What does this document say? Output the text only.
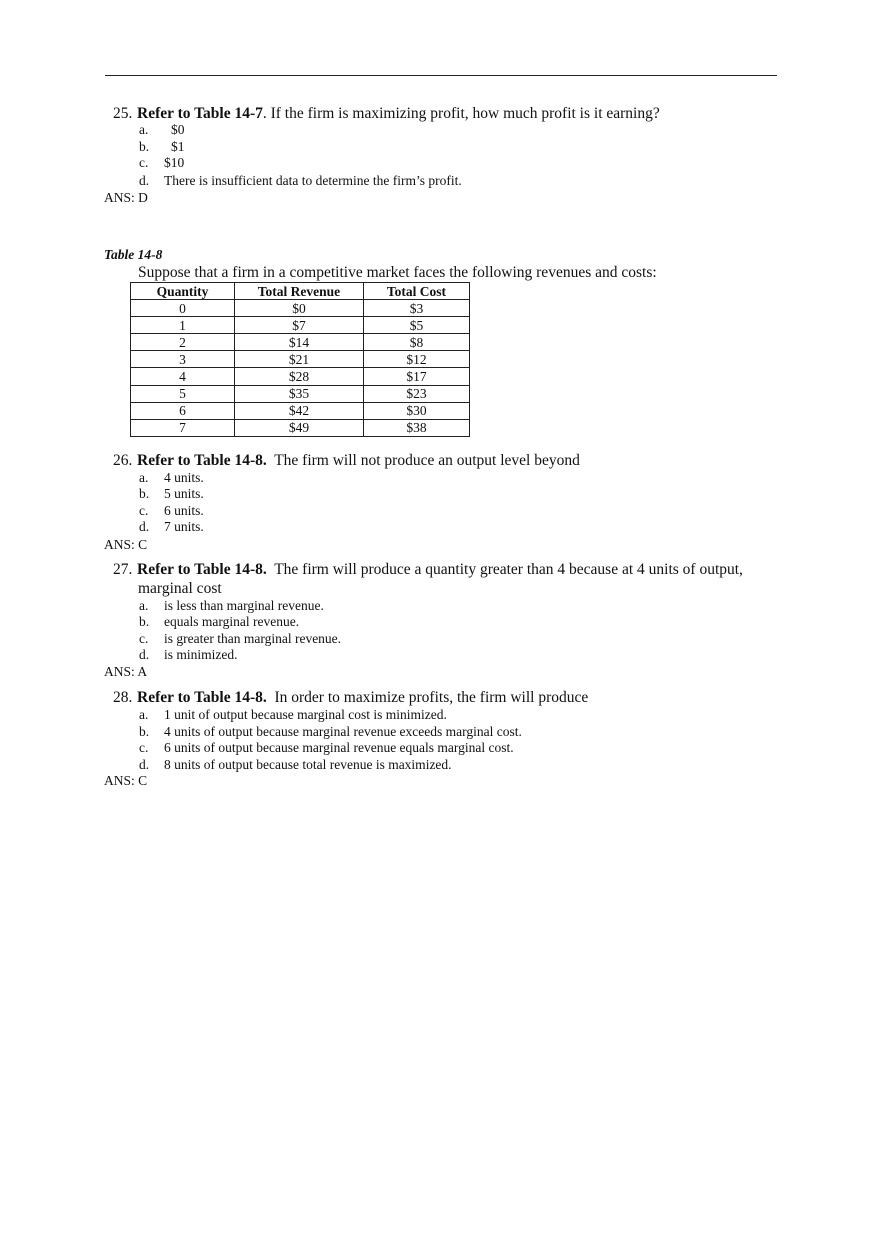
25. Refer to Table 14-7. If the firm is maximizing profit, how much profit is it earning?
a. $0
b. $1
c. $10
d. There is insufficient data to determine the firm’s profit.
ANS: D
Table 14-8
Suppose that a firm in a competitive market faces the following revenues and costs:
Quantity	Total Revenue	Total Cost
0	$0	$3
1	$7	$5
2	$14	$8
3	$21	$12
4	$28	$17
5	$35	$23
6	$42	$30
7	$49	$38
26. Refer to Table 14-8.  The firm will not produce an output level beyond
a. 4 units.
b. 5 units.
c. 6 units.
d. 7 units.
ANS: C
27. Refer to Table 14-8.  The firm will produce a quantity greater than 4 because at 4 units of output,
marginal cost
a. is less than marginal revenue.
b. equals marginal revenue.
c. is greater than marginal revenue.
d. is minimized.
ANS: A
28. Refer to Table 14-8.  In order to maximize profits, the firm will produce
a. 1 unit of output because marginal cost is minimized.
b. 4 units of output because marginal revenue exceeds marginal cost.
c. 6 units of output because marginal revenue equals marginal cost.
d. 8 units of output because total revenue is maximized.
ANS: C
